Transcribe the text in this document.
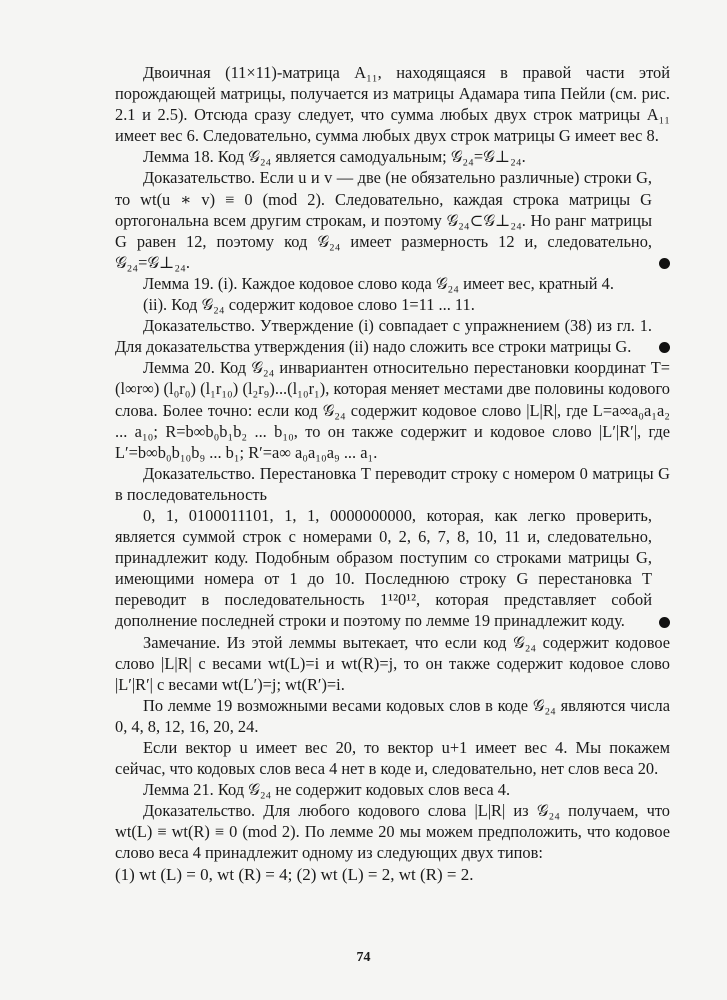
Двоичная (11×11)-матрица A₁₁, находящаяся в правой части этой порождающей матрицы, получается из матрицы Адамара типа Пейли (см. рис. 2.1 и 2.5). Отсюда сразу следует, что сумма любых двух строк матрицы A₁₁ имеет вес 6. Следовательно, сумма любых двух строк матрицы G имеет вес 8.

Лемма 18. Код 𝒢₂₄ является самодуальным; 𝒢₂₄=𝒢⊥₂₄.

Доказательство. Если u и v — две (не обязательно различные) строки G, то wt(u ∗ v) ≡ 0 (mod 2). Следовательно, каждая строка матрицы G ортогональна всем другим строкам, и поэтому 𝒢₂₄⊂𝒢⊥₂₄. Но ранг матрицы G равен 12, поэтому код 𝒢₂₄ имеет размерность 12 и, следовательно, 𝒢₂₄=𝒢⊥₂₄.

Лемма 19. (i). Каждое кодовое слово кода 𝒢₂₄ имеет вес, кратный 4.

(ii). Код 𝒢₂₄ содержит кодовое слово 1=11 ... 11.

Доказательство. Утверждение (i) совпадает с упражнением (38) из гл. 1. Для доказательства утверждения (ii) надо сложить все строки матрицы G.

Лемма 20. Код 𝒢₂₄ инвариантен относительно перестановки координат T=(l∞r∞) (l₀r₀) (l₁r₁₀) (l₂r₉)...(l₁₀r₁), которая меняет местами две половины кодового слова. Более точно: если код 𝒢₂₄ содержит кодовое слово |L|R|, где L=a∞a₀a₁a₂ ... a₁₀; R=b∞b₀b₁b₂ ... b₁₀, то он также содержит и кодовое слово |L′|R′|, где L′=b∞b₀b₁₀b₉ ... b₁; R′=a∞ a₀a₁₀a₉ ... a₁.

Доказательство. Перестановка T переводит строку с номером 0 матрицы G в последовательность

0, 1, 0100011101, 1, 1, 0000000000, которая, как легко проверить, является суммой строк с номерами 0, 2, 6, 7, 8, 10, 11 и, следовательно, принадлежит коду. Подобным образом поступим со строками матрицы G, имеющими номера от 1 до 10. Последнюю строку G перестановка T переводит в последовательность 1¹²0¹², которая представляет собой дополнение последней строки и поэтому по лемме 19 принадлежит коду.

Замечание. Из этой леммы вытекает, что если код 𝒢₂₄ содержит кодовое слово |L|R| с весами wt(L)=i и wt(R)=j, то он также содержит кодовое слово |L′|R′| с весами wt(L′)=j; wt(R′)=i.

По лемме 19 возможными весами кодовых слов в коде 𝒢₂₄ являются числа 0, 4, 8, 12, 16, 20, 24.

Если вектор u имеет вес 20, то вектор u+1 имеет вес 4. Мы покажем сейчас, что кодовых слов веса 4 нет в коде и, следовательно, нет слов веса 20.

Лемма 21. Код 𝒢₂₄ не содержит кодовых слов веса 4.

Доказательство. Для любого кодового слова |L|R| из 𝒢₂₄ получаем, что wt(L) ≡ wt(R) ≡ 0 (mod 2). По лемме 20 мы можем предположить, что кодовое слово веса 4 принадлежит одному из следующих двух типов:

(1) wt (L) = 0, wt (R) = 4; (2) wt (L) = 2, wt (R) = 2.

74
